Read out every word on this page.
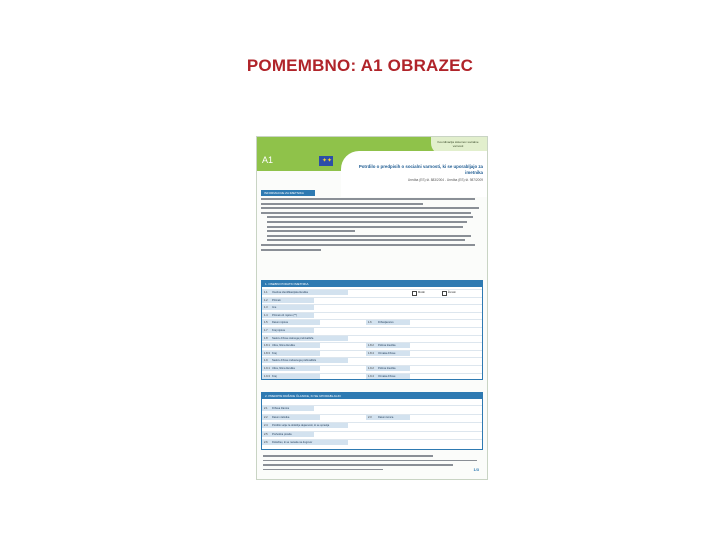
POMEMBNO: A1 OBRAZEC
Koordinacija sistemov socialne varnosti
A1	✦✦
Potrdilo o predpisih o socialni varnosti, ki se uporabljajo za imetnika
Uredba (ES) št. 883/2004 - Uredba (ES) št. 987/2009
INFORMACIJE ZA IMETNIKA
1. OSEBNI PODATKI IMETNIKA
1.1 Osebna identifikacijska številka	Moški	Ženski
1.2 Priimek
1.3 Ime
1.4 Priimek ob rojstvu (**)
1.5 Datum rojstva	1.6 Državljanstvo
1.7 Kraj rojstva
1.8 Naslov države stalnega prebivališča
1.8.1 Ulica, hišna številka	1.8.2 Poštna številka
1.8.3 Kraj	1.8.4 Oznaka države
1.9 Naslov države začasnega prebivališča
1.9.1 Ulica, hišna številka	1.9.2 Poštna številka
1.9.3 Kraj	1.9.4 Oznaka države
2. PREDPISI DRŽAVE ČLANICE, KI SE UPORABLJAJO
2.1 Država članica
2.2 Datum začetka	2.3 Datum konca
2.4 Potrdilo velja za obdobje dejavnosti, ki se opravlja
2.5 Prehodna pravila
2.6 Določitev, ki se nanaša na dogovor
1/3
